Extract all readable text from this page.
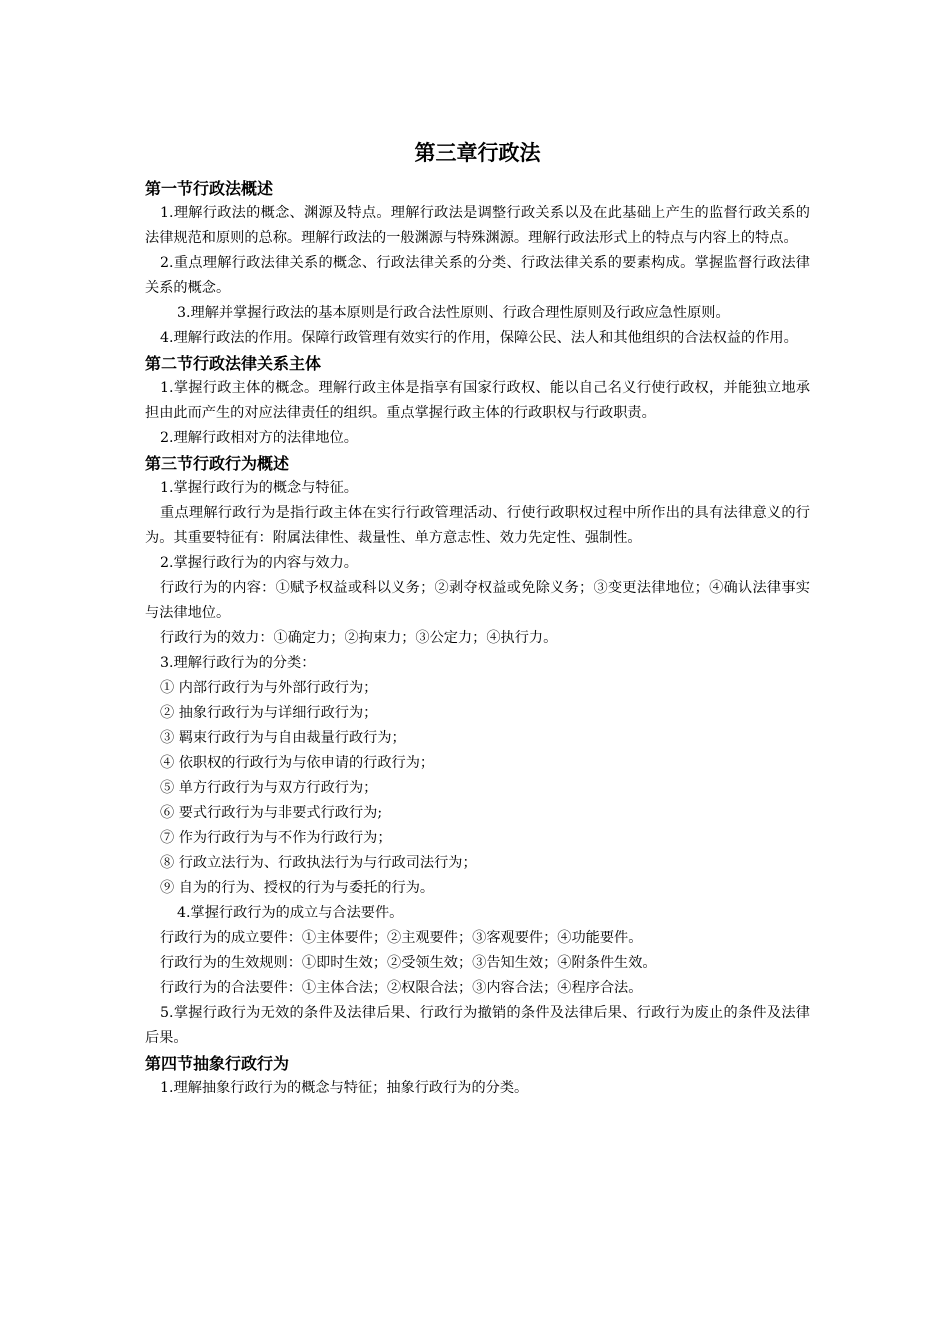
第三章行政法
第一节行政法概述

1.理解行政法的概念、渊源及特点。理解行政法是调整行政关系以及在此基础上产生的监督行政关系的法律规范和原则的总称。理解行政法的一般渊源与特殊渊源。理解行政法形式上的特点与内容上的特点。

2.重点理解行政法律关系的概念、行政法律关系的分类、行政法律关系的要素构成。掌握监督行政法律关系的概念。

3.理解并掌握行政法的基本原则是行政合法性原则、行政合理性原则及行政应急性原则。

4.理解行政法的作用。保障行政管理有效实行的作用，保障公民、法人和其他组织的合法权益的作用。

第二节行政法律关系主体

1.掌握行政主体的概念。理解行政主体是指享有国家行政权、能以自己名义行使行政权，并能独立地承担由此而产生的对应法律责任的组织。重点掌握行政主体的行政职权与行政职责。

2.理解行政相对方的法律地位。

第三节行政行为概述

1.掌握行政行为的概念与特征。

重点理解行政行为是指行政主体在实行行政管理活动、行使行政职权过程中所作出的具有法律意义的行为。其重要特征有：附属法律性、裁量性、单方意志性、效力先定性、强制性。

2.掌握行政行为的内容与效力。

行政行为的内容：①赋予权益或科以义务；②剥夺权益或免除义务；③变更法律地位；④确认法律事实与法律地位。

行政行为的效力：①确定力；②拘束力；③公定力；④执行力。

3.理解行政行为的分类：

① 内部行政行为与外部行政行为；

② 抽象行政行为与详细行政行为；

③ 羁束行政行为与自由裁量行政行为；

④ 依职权的行政行为与依申请的行政行为；

⑤ 单方行政行为与双方行政行为；

⑥ 要式行政行为与非要式行政行为;

⑦ 作为行政行为与不作为行政行为；

⑧ 行政立法行为、行政执法行为与行政司法行为；

⑨ 自为的行为、授权的行为与委托的行为。

4.掌握行政行为的成立与合法要件。

行政行为的成立要件：①主体要件；②主观要件；③客观要件；④功能要件。

行政行为的生效规则：①即时生效；②受领生效；③告知生效；④附条件生效。

行政行为的合法要件：①主体合法；②权限合法；③内容合法；④程序合法。

5.掌握行政行为无效的条件及法律后果、行政行为撤销的条件及法律后果、行政行为废止的条件及法律后果。

第四节抽象行政行为

1.理解抽象行政行为的概念与特征；抽象行政行为的分类。
